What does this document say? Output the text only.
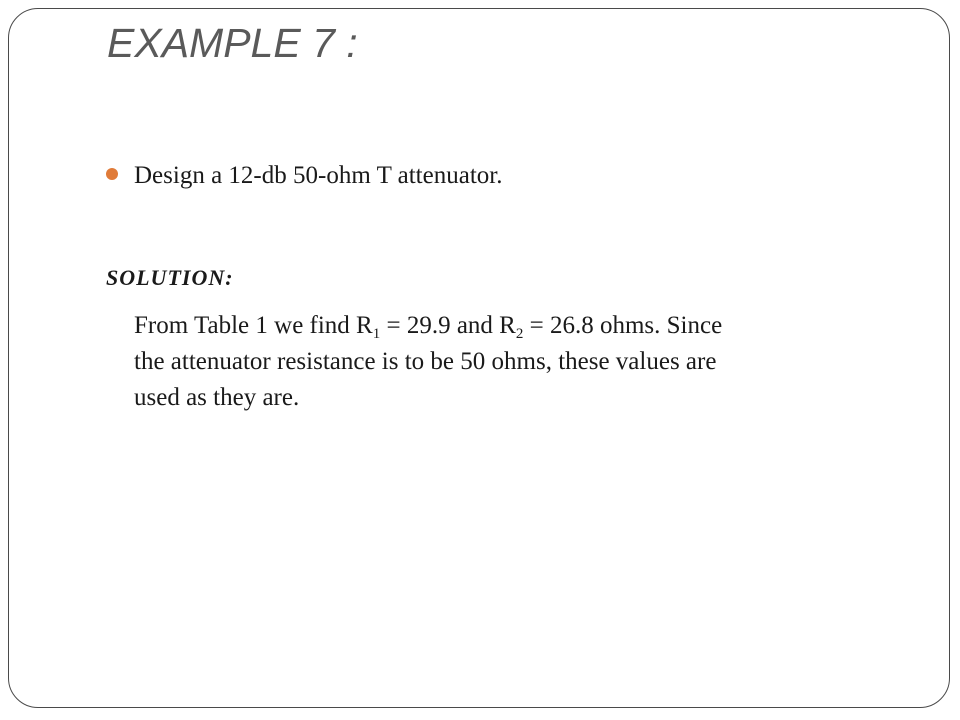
EXAMPLE 7 :
Design a 12-db 50-ohm T attenuator.
SOLUTION:
From Table 1 we find $R_1 = 29.9$ and $R_2 = 26.8$ ohms. Since
the attenuator resistance is to be 50 ohms, these values are
used as they are.
